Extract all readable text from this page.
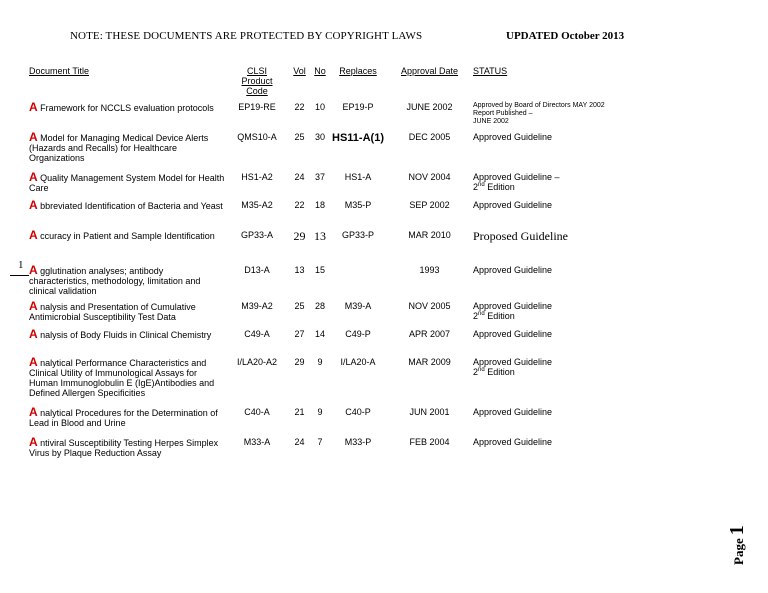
NOTE: THESE DOCUMENTS ARE PROTECTED BY COPYRIGHT LAWS	UPDATED October 2013
1
Page1
Document Title	CLSI
Product
Code	Vol	No	Replaces	Approval Date	STATUS
A Framework for NCCLS evaluation protocols	EP19-RE	22	10	EP19-P	JUNE 2002	Approved by Board of Directors MAY 2002
Report Published –
JUNE 2002

A Model for Managing Medical Device Alerts (Hazards and Recalls) for Healthcare Organizations	QMS10-A	25	30	HS11-A(1)	DEC 2005	Approved Guideline
A Quality Management System Model for Health Care	HS1-A2	24	37	HS1-A	NOV 2004	Approved Guideline –
2nd Edition

A bbreviated Identification of Bacteria and Yeast	M35-A2	22	18	M35-P	SEP 2002	Approved Guideline
A ccuracy in Patient and Sample Identification	GP33-A	29	13	GP33-P	MAR 2010	Proposed Guideline
A gglutination analyses; antibody characteristics, methodology, limitation and clinical validation	D13-A	13	15		1993	Approved Guideline
A nalysis and Presentation of Cumulative Antimicrobial Susceptibility Test Data	M39-A2	25	28	M39-A	NOV 2005	Approved Guideline
2nd Edition

A nalysis of Body Fluids in Clinical Chemistry	C49-A	27	14	C49-P	APR 2007	Approved Guideline
A nalytical Performance Characteristics and Clinical Utility of Immunological Assays for Human Immunoglobulin E (IgE)Antibodies and Defined Allergen Specificities	I/LA20-A2	29	9	I/LA20-A	MAR 2009	Approved Guideline
2nd Edition

A nalytical Procedures for the Determination of Lead in Blood and Urine	C40-A	21	9	C40-P	JUN 2001	Approved Guideline
A ntiviral Susceptibility Testing Herpes Simplex Virus by Plaque Reduction Assay	M33-A	24	7	M33-P	FEB 2004	Approved Guideline
